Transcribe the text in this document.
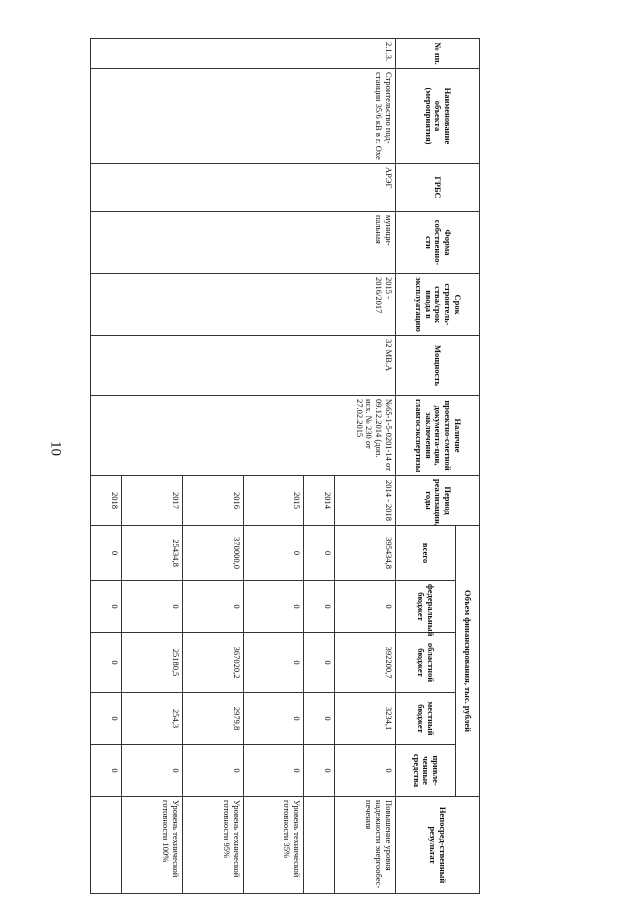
10
№ пп.	Наименование объекта (мероприятия)	ГРБС	Форма собственно-сти	Срок строитель-ства/срок ввода в эксплуатацию	Мощность	Наличие проектно-сметной документа-ции, заключения главгосэкспертизы	Период реализации, годы	Объем финансирования, тыс. рублей					Непосред-ственный результат
								всего	федеральный бюджет	областной бюджет	местный бюджет	привле-ченные средства	
2.1.3.	Строительство под-станции 35/6 кВ в г. Охе	АРЭГ	муници-пальная	2015 - 2016/2017	32 МВ.А	№65-1-5-0201-14 от 09.12.2014 (доп. исх. № 230 от 27.02.2015	2014 - 2018	395434,8	0	392200,7	3234,1	0	Повышение уровня надежности энергообес-печения
							2014	0	0	0	0	0	
							2015	0	0	0	0	0	Уровень технической готовности 35%
							2016	370000,0	0	367020,2	2979,8	0	Уровень технической готовности 95%
							2017	25434,8	0	25180,5	254,3	0	Уровень технической готовности 100%
							2018	0	0	0	0	0	
